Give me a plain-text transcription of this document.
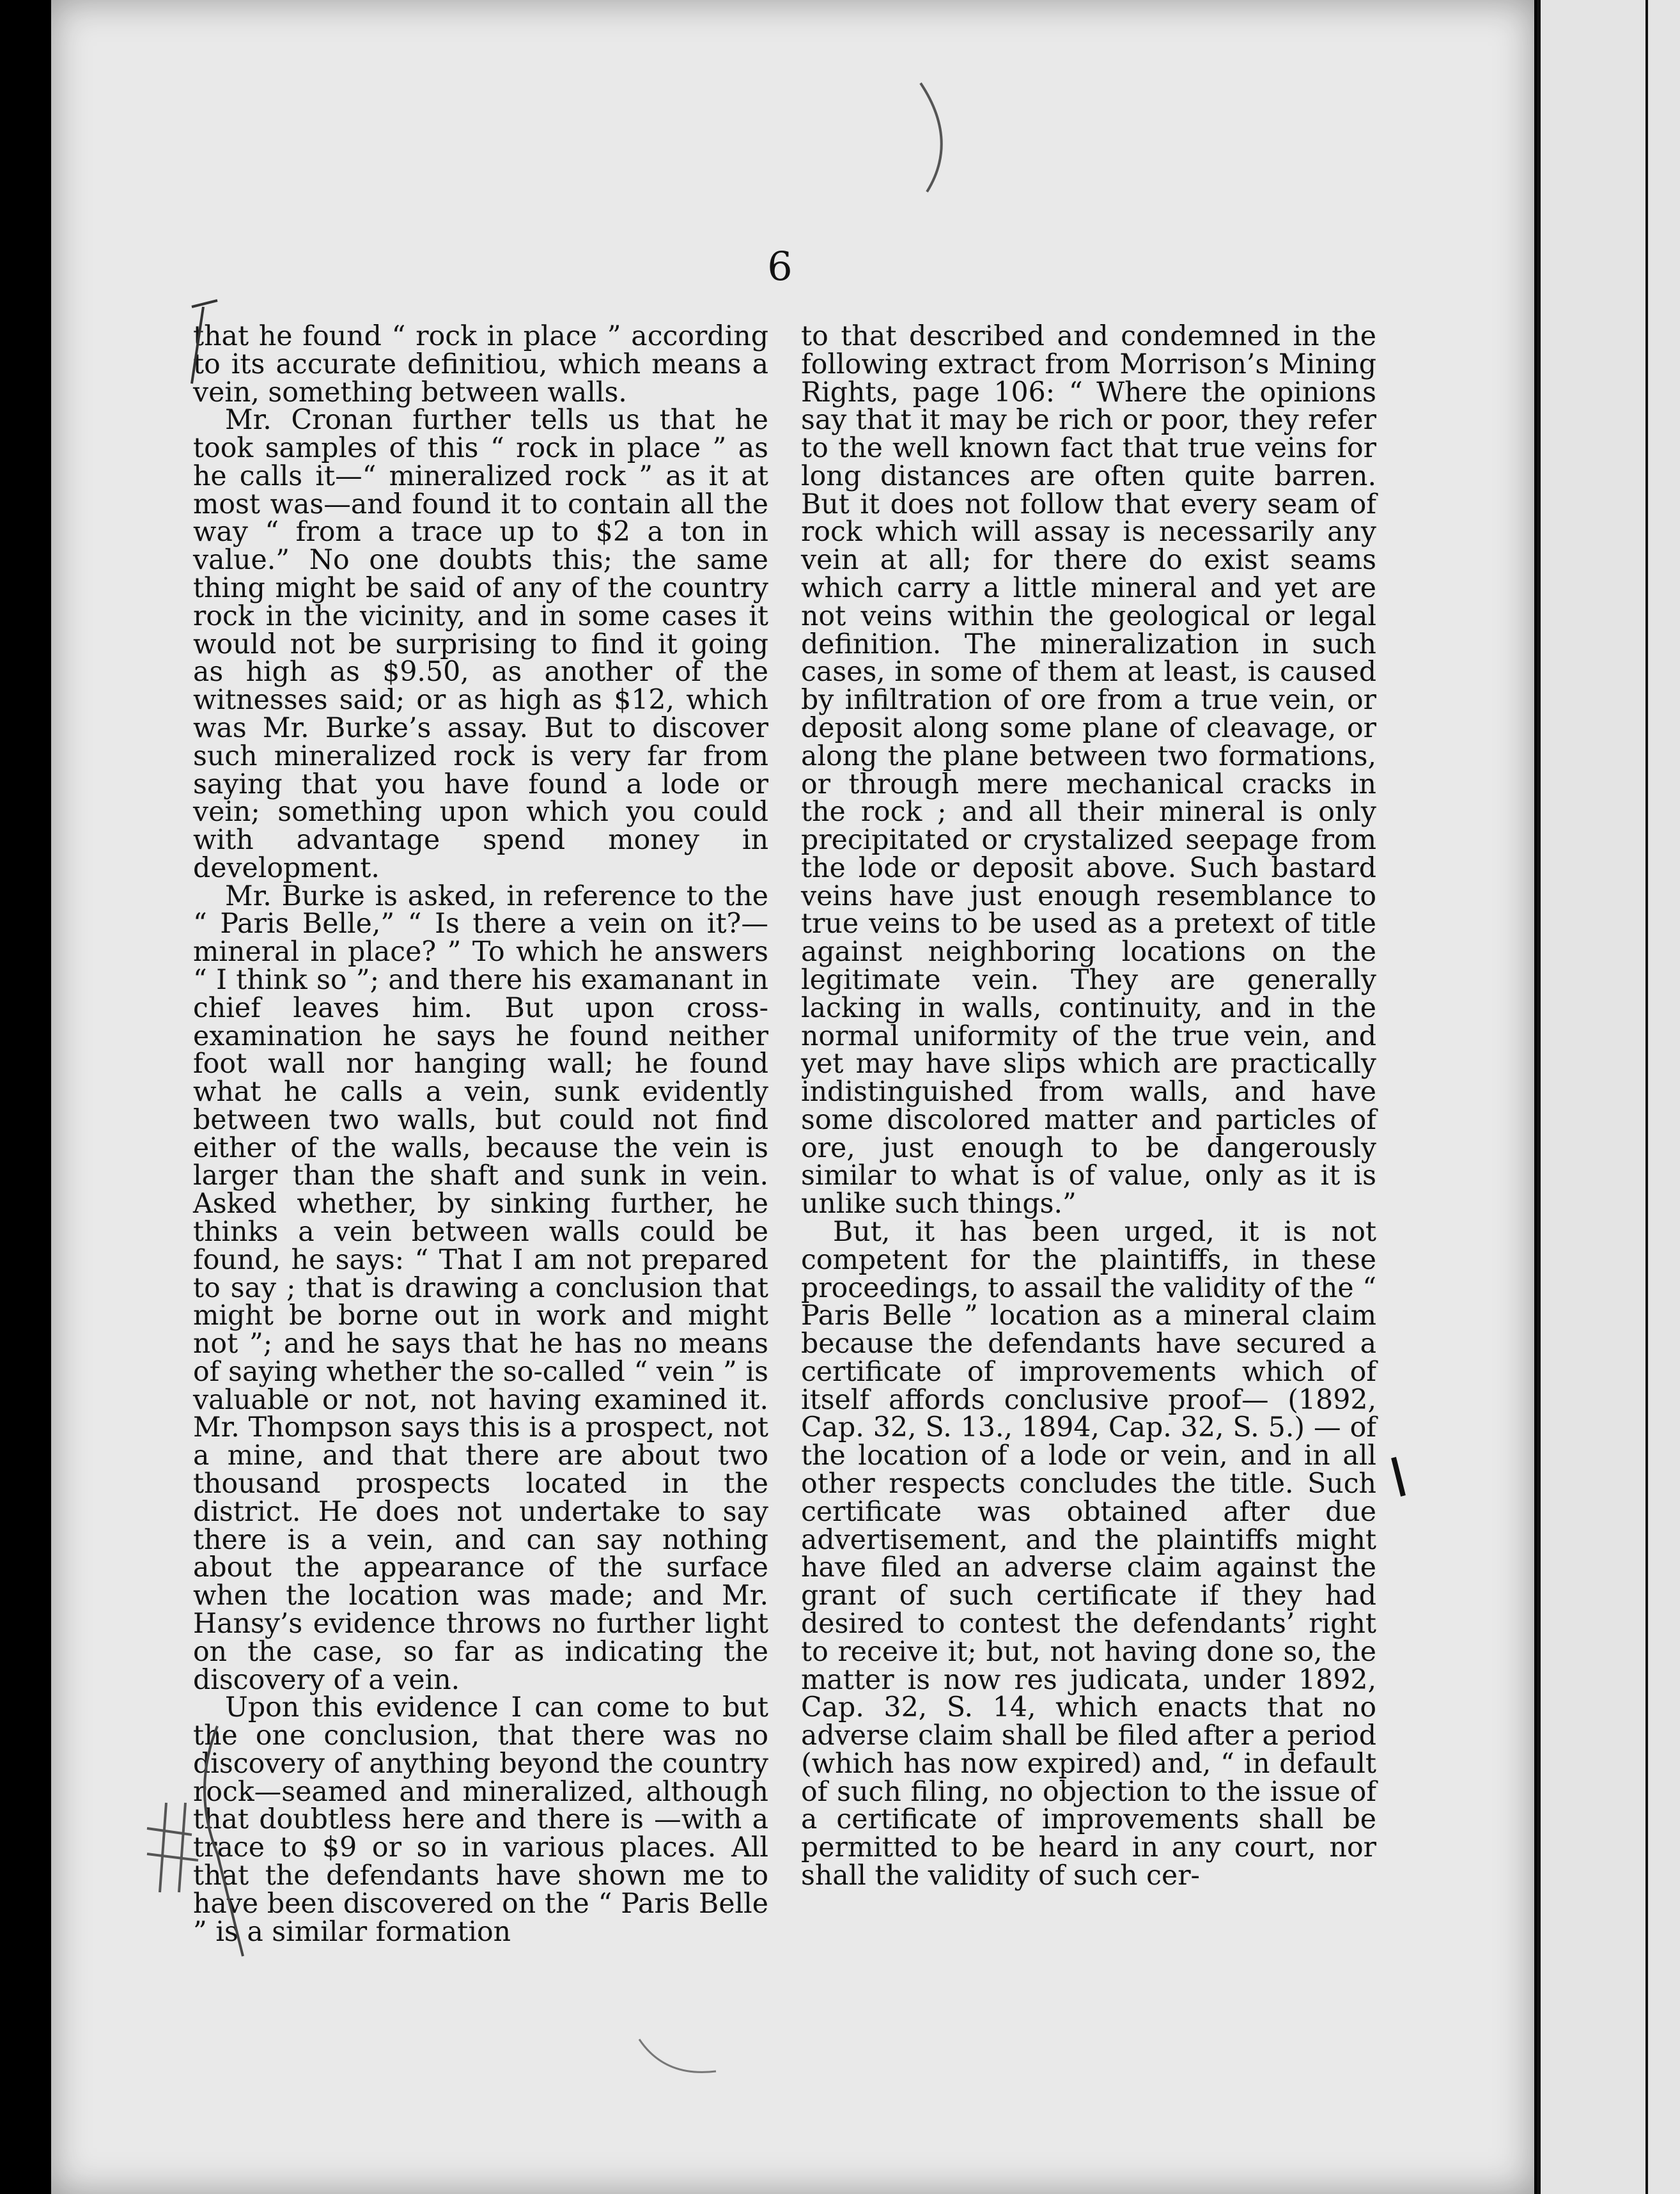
6

that he found “ rock in place ” according to its accurate definitiou, which means a vein, something between walls.

Mr. Cronan further tells us that he took samples of this “ rock in place ” as he calls it—“ mineralized rock ” as it at most was—and found it to contain all the way “ from a trace up to $2 a ton in value.” No one doubts this; the same thing might be said of any of the country rock in the vicinity, and in some cases it would not be surprising to find it going as high as $9.50, as another of the witnesses said; or as high as $12, which was Mr. Burke’s assay. But to discover such mineralized rock is very far from saying that you have found a lode or vein; something upon which you could with advantage spend money in development.

Mr. Burke is asked, in reference to the “ Paris Belle,” “ Is there a vein on it?—mineral in place? ” To which he answers “ I think so ”; and there his examanant in chief leaves him. But upon cross-examination he says he found neither foot wall nor hanging wall; he found what he calls a vein, sunk evidently between two walls, but could not find either of the walls, because the vein is larger than the shaft and sunk in vein. Asked whether, by sinking further, he thinks a vein between walls could be found, he says: “ That I am not prepared to say ; that is drawing a conclusion that might be borne out in work and might not ”; and he says that he has no means of saying whether the so-called “ vein ” is valuable or not, not having examined it. Mr. Thompson says this is a prospect, not a mine, and that there are about two thousand prospects located in the district. He does not undertake to say there is a vein, and can say nothing about the appearance of the surface when the location was made; and Mr. Hansy’s evidence throws no further light on the case, so far as indicating the discovery of a vein.

Upon this evidence I can come to but the one conclusion, that there was no discovery of anything beyond the country rock—seamed and mineralized, although that doubtless here and there is —with a trace to $9 or so in various places. All that the defendants have shown me to have been discovered on the “ Paris Belle ” is a similar formation

to that described and condemned in the following extract from Morrison’s Mining Rights, page 106: “ Where the opinions say that it may be rich or poor, they refer to the well known fact that true veins for long distances are often quite barren. But it does not follow that every seam of rock which will assay is necessarily any vein at all; for there do exist seams which carry a little mineral and yet are not veins within the geological or legal definition. The mineralization in such cases, in some of them at least, is caused by infiltration of ore from a true vein, or deposit along some plane of cleavage, or along the plane between two formations, or through mere mechanical cracks in the rock ; and all their mineral is only precipitated or crystalized seepage from the lode or deposit above. Such bastard veins have just enough resemblance to true veins to be used as a pretext of title against neighboring locations on the legitimate vein. They are generally lacking in walls, continuity, and in the normal uniformity of the true vein, and yet may have slips which are practically indistinguished from walls, and have some discolored matter and particles of ore, just enough to be dangerously similar to what is of value, only as it is unlike such things.”

But, it has been urged, it is not competent for the plaintiffs, in these proceedings, to assail the validity of the “ Paris Belle ” location as a mineral claim because the defendants have secured a certificate of improvements which of itself affords conclusive proof— (1892, Cap. 32, S. 13., 1894, Cap. 32, S. 5.) — of the location of a lode or vein, and in all other respects concludes the title. Such certificate was obtained after due advertisement, and the plaintiffs might have filed an adverse claim against the grant of such certificate if they had desired to contest the defendants’ right to receive it; but, not having done so, the matter is now res judicata, under 1892, Cap. 32, S. 14, which enacts that no adverse claim shall be filed after a period (which has now expired) and, “ in default of such filing, no objection to the issue of a certificate of improvements shall be permitted to be heard in any court, nor shall the validity of such cer-
